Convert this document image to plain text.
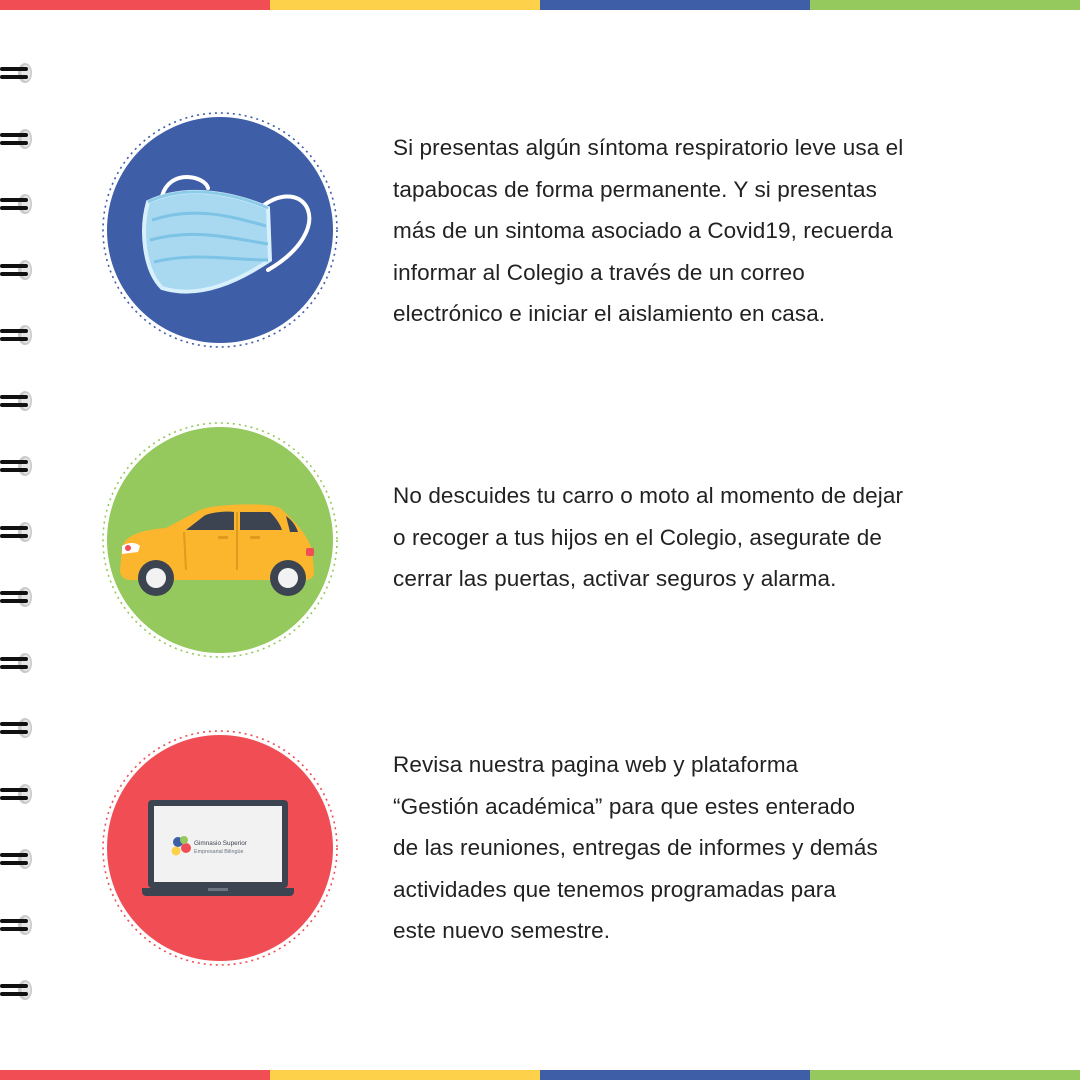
Si presentas algún síntoma respiratorio leve usa el

tapabocas de forma permanente. Y si presentas

más de un sintoma asociado a Covid19, recuerda

informar al Colegio a través de un correo

electrónico e iniciar el aislamiento en casa.

No descuides tu carro o moto al momento de dejar

o recoger a tus hijos en el Colegio, asegurate de

cerrar las puertas, activar seguros y alarma.

Gimnasio Superior
Empresarial Bilingüe

Revisa nuestra pagina web y plataforma

“Gestión académica” para que estes enterado

de las reuniones, entregas de informes y demás

actividades que tenemos programadas para

este nuevo semestre.
